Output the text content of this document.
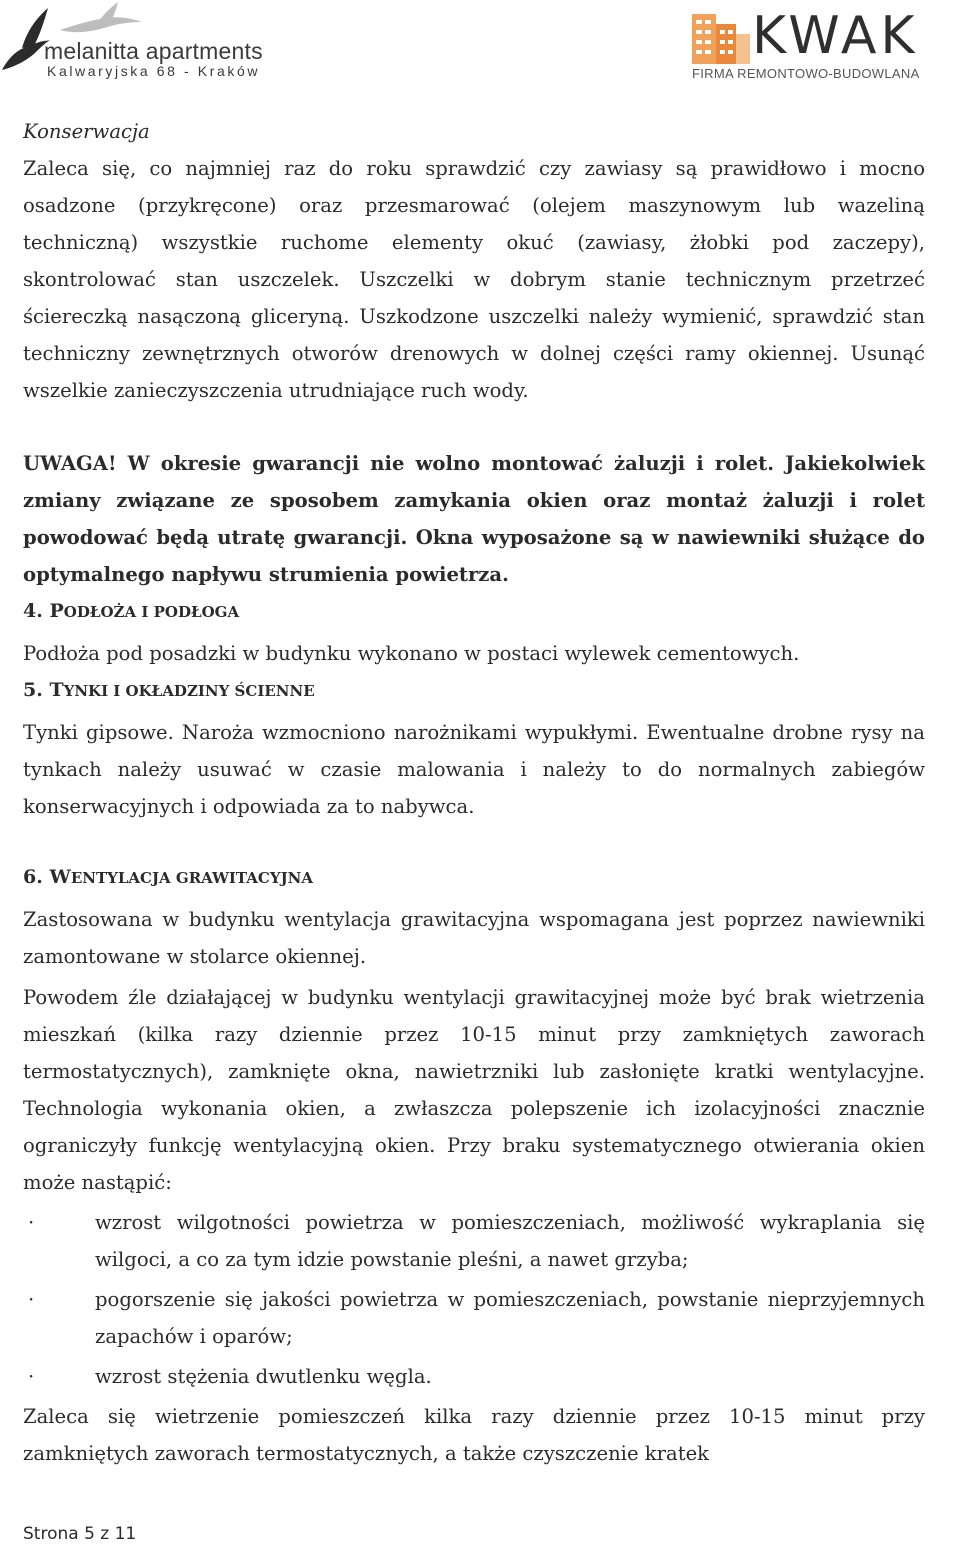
melanitta apartments
Kalwaryjska 68 - Kraków
KWAK
FIRMA REMONTOWO-BUDOWLANA

Konserwacja

Zaleca się, co najmniej raz do roku sprawdzić czy zawiasy są prawidłowo i mocno osadzone (przykręcone) oraz przesmarować (olejem maszynowym lub wazeliną techniczną) wszystkie ruchome elementy okuć (zawiasy, żłobki pod zaczepy), skontrolować stan uszczelek. Uszczelki w dobrym stanie technicznym przetrzeć ściereczką nasączoną gliceryną. Uszkodzone uszczelki należy wymienić, sprawdzić stan techniczny zewnętrznych otworów drenowych w dolnej części ramy okiennej. Usunąć wszelkie zanieczyszczenia utrudniające ruch wody.

UWAGA! W okresie gwarancji nie wolno montować żaluzji i rolet. Jakiekolwiek zmiany związane ze sposobem zamykania okien oraz montaż żaluzji i rolet powodować będą utratę gwarancji. Okna wyposażone są w nawiewniki służące do optymalnego napływu strumienia powietrza.

4. PODŁOŻA I PODŁOGA

Podłoża pod posadzki w budynku wykonano w postaci wylewek cementowych.

5. TYNKI I OKŁADZINY ŚCIENNE

Tynki gipsowe. Naroża wzmocniono narożnikami wypukłymi. Ewentualne drobne rysy na tynkach należy usuwać w czasie malowania i należy to do normalnych zabiegów konserwacyjnych i odpowiada za to nabywca.

6. WENTYLACJA GRAWITACYJNA

Zastosowana w budynku wentylacja grawitacyjna wspomagana jest poprzez nawiewniki zamontowane w stolarce okiennej.

Powodem źle działającej w budynku wentylacji grawitacyjnej może być brak wietrzenia mieszkań (kilka razy dziennie przez 10-15 minut przy zamkniętych zaworach termostatycznych), zamknięte okna, nawietrzniki lub zasłonięte kratki wentylacyjne. Technologia wykonania okien, a zwłaszcza polepszenie ich izolacyjności znacznie ograniczyły funkcję wentylacyjną okien. Przy braku systematycznego otwierania okien może nastąpić:

·	wzrost wilgotności powietrza w pomieszczeniach, możliwość wykraplania się wilgoci, a co za tym idzie powstanie pleśni, a nawet grzyba;
·	pogorszenie się jakości powietrza w pomieszczeniach, powstanie nieprzyjemnych zapachów i oparów;
·	wzrost stężenia dwutlenku węgla.

Zaleca się wietrzenie pomieszczeń kilka razy dziennie przez 10-15 minut przy zamkniętych zaworach termostatycznych, a także czyszczenie kratek

Strona 5 z 11
